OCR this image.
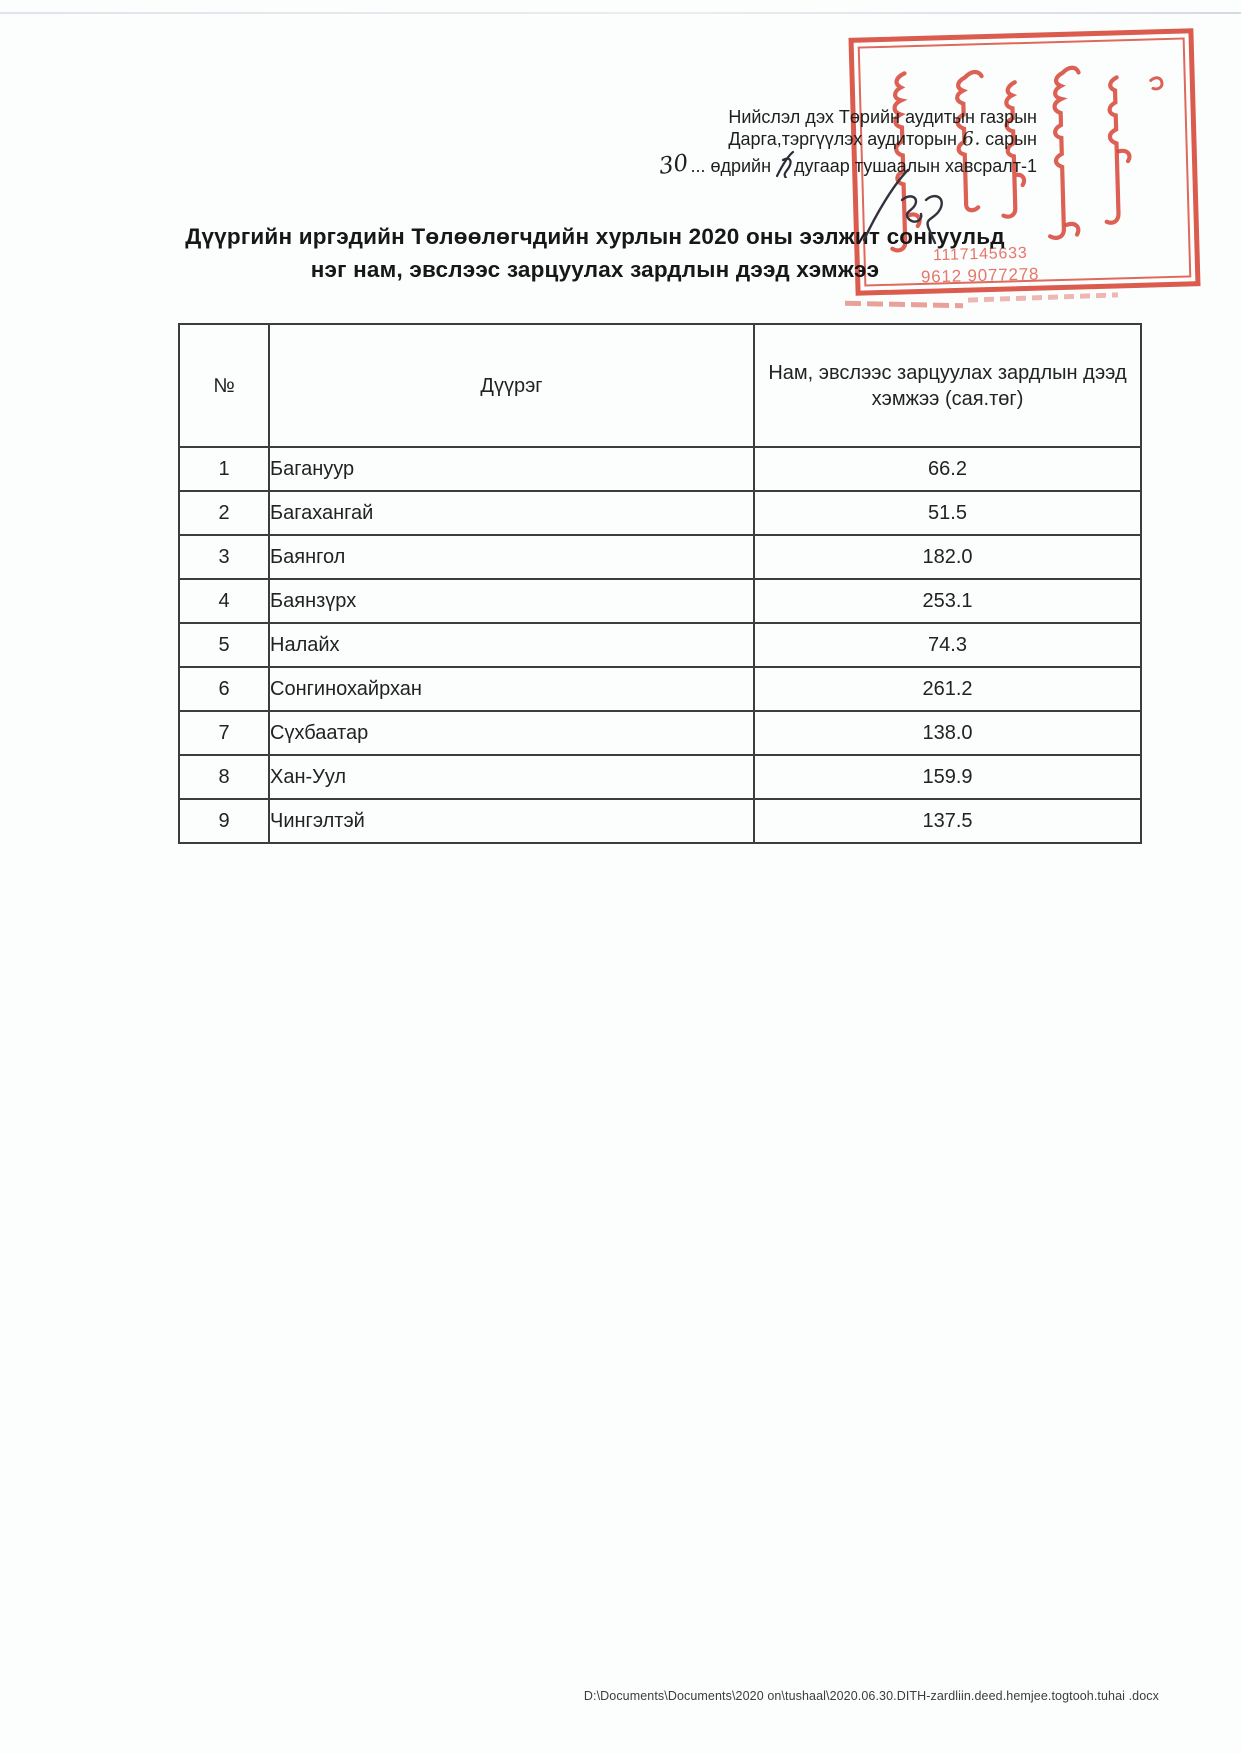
1117145633
9612 9077278
Нийслэл дэх Төрийн аудитын газрын
Дарга,тэргүүлэх аудиторын 6. сарын
30... өдрийн дугаар тушаалын хавсралт-1
Дүүргийн иргэдийн Төлөөлөгчдийн хурлын 2020 оны ээлжит сонгуульд
нэг нам, эвслээс зарцуулах зардлын дээд хэмжээ
№	Дүүрэг	Нам, эвслээс зарцуулах зардлын дээд хэмжээ (сая.төг)
1	Багануур	66.2
2	Багахангай	51.5
3	Баянгол	182.0
4	Баянзүрх	253.1
5	Налайх	74.3
6	Сонгинохайрхан	261.2
7	Сүхбаатар	138.0
8	Хан-Уул	159.9
9	Чингэлтэй	137.5
D:\Documents\Documents\2020 on\tushaal\2020.06.30.DITH-zardliin.deed.hemjee.togtooh.tuhai .docx
